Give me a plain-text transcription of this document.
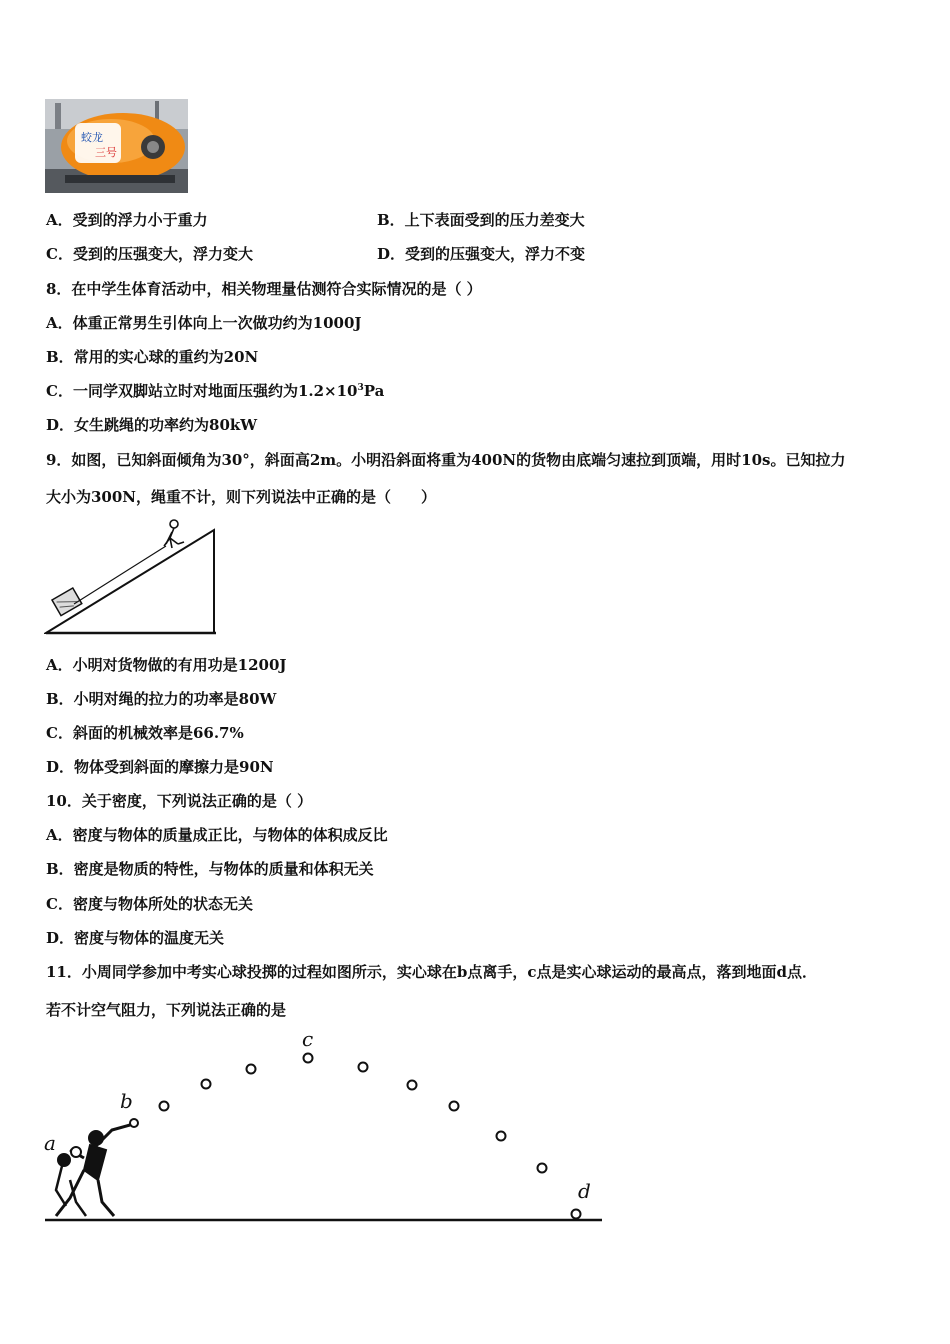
蛟龙
三号
A．受到的浮力小于重力	B．上下表面受到的压力差变大
C．受到的压强变大，浮力变大	D．受到的压强变大，浮力不变
8．在中学生体育活动中，相关物理量估测符合实际情况的是（ ）
A．体重正常男生引体向上一次做功约为1000J
B．常用的实心球的重约为20N
C．一同学双脚站立时对地面压强约为$1.2\times 10^3Pa$
D．女生跳绳的功率约为80kW
9．如图，已知斜面倾角为30°，斜面高2m。小明沿斜面将重为400N的货物由底端匀速拉到顶端，用时10s。已知拉力
大小为300N，绳重不计，则下列说法中正确的是（　　）
A．小明对货物做的有用功是1200J
B．小明对绳的拉力的功率是80W
C．斜面的机械效率是66.7%
D．物体受到斜面的摩擦力是90N
10．关于密度，下列说法正确的是（ ）
A．密度与物体的质量成正比，与物体的体积成反比
B．密度是物质的特性，与物体的质量和体积无关
C．密度与物体所处的状态无关
D．密度与物体的温度无关
11．小周同学参加中考实心球投掷的过程如图所示，实心球在b点离手，c点是实心球运动的最高点，落到地面d点．
若不计空气阻力，下列说法正确的是
a
b
c
d
